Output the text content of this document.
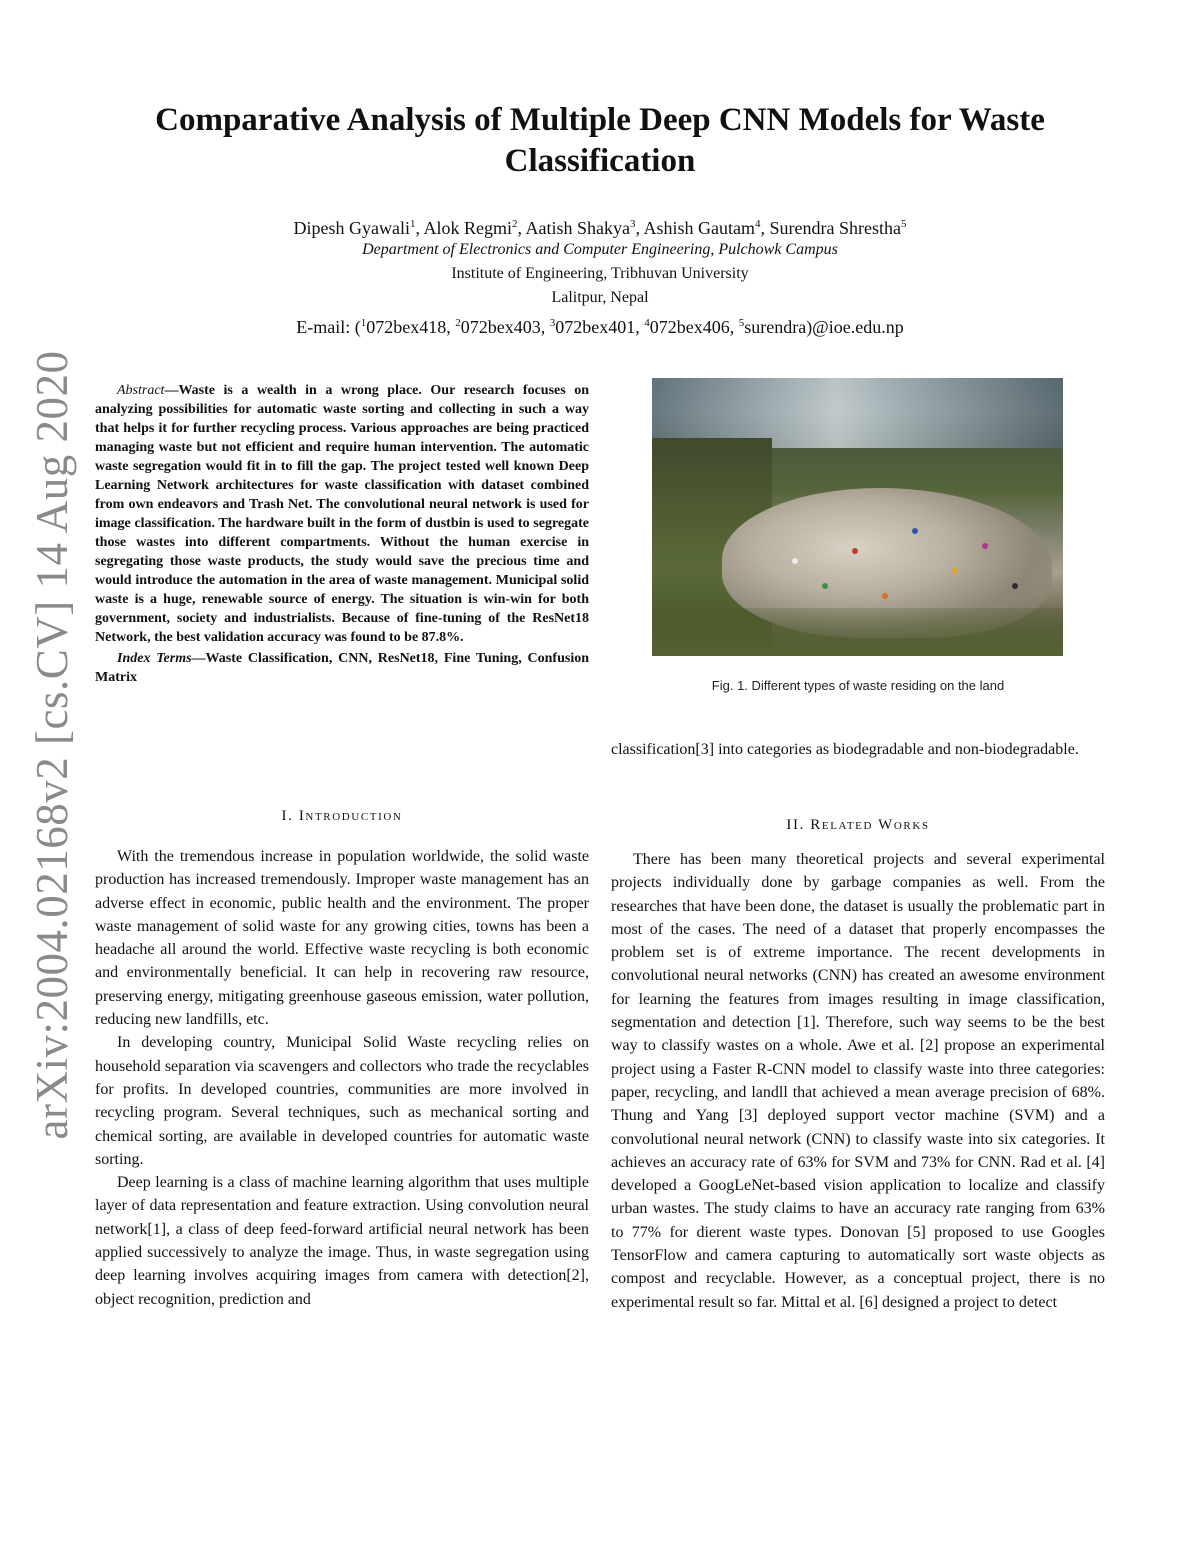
arXiv:2004.02168v2 [cs.CV] 14 Aug 2020
Comparative Analysis of Multiple Deep CNN Models for Waste
Classification
Dipesh Gyawali$^1$, Alok Regmi$^2$, Aatish Shakya$^3$, Ashish Gautam$^4$, Surendra Shrestha$^5$
Department of Electronics and Computer Engineering, Pulchowk Campus
Institute of Engineering, Tribhuvan University
Lalitpur, Nepal
E-mail: ($^1$072bex418, $^2$072bex403, $^3$072bex401, $^4$072bex406, $^5$surendra)@ioe.edu.np

Abstract—Waste is a wealth in a wrong place. Our research focuses on analyzing possibilities for automatic waste sorting and collecting in such a way that helps it for further recycling process. Various approaches are being practiced managing waste but not efficient and require human intervention. The automatic waste segregation would fit in to fill the gap. The project tested well known Deep Learning Network architectures for waste classification with dataset combined from own endeavors and Trash Net. The convolutional neural network is used for image classification. The hardware built in the form of dustbin is used to segregate those wastes into different compartments. Without the human exercise in segregating those waste products, the study would save the precious time and would introduce the automation in the area of waste management. Municipal solid waste is a huge, renewable source of energy. The situation is win-win for both government, society and industrialists. Because of fine-tuning of the ResNet18 Network, the best validation accuracy was found to be 87.8%.

Index Terms—Waste Classification, CNN, ResNet18, Fine Tuning, Confusion Matrix

I. Introduction

With the tremendous increase in population worldwide, the solid waste production has increased tremendously. Improper waste management has an adverse effect in economic, public health and the environment. The proper waste management of solid waste for any growing cities, towns has been a headache all around the world. Effective waste recycling is both economic and environmentally beneficial. It can help in recovering raw resource, preserving energy, mitigating greenhouse gaseous emission, water pollution, reducing new landfills, etc.

In developing country, Municipal Solid Waste recycling relies on household separation via scavengers and collectors who trade the recyclables for profits. In developed countries, communities are more involved in recycling program. Several techniques, such as mechanical sorting and chemical sorting, are available in developed countries for automatic waste sorting.

Deep learning is a class of machine learning algorithm that uses multiple layer of data representation and feature extraction. Using convolution neural network[1], a class of deep feed-forward artificial neural network has been applied successively to analyze the image. Thus, in waste segregation using deep learning involves acquiring images from camera with detection[2], object recognition, prediction and

Fig. 1. Different types of waste residing on the land

classification[3] into categories as biodegradable and non-biodegradable.

II. Related Works

There has been many theoretical projects and several experimental projects individually done by garbage companies as well. From the researches that have been done, the dataset is usually the problematic part in most of the cases. The need of a dataset that properly encompasses the problem set is of extreme importance. The recent developments in convolutional neural networks (CNN) has created an awesome environment for learning the features from images resulting in image classification, segmentation and detection [1]. Therefore, such way seems to be the best way to classify wastes on a whole. Awe et al. [2] propose an experimental project using a Faster R-CNN model to classify waste into three categories: paper, recycling, and landll that achieved a mean average precision of 68%. Thung and Yang [3] deployed support vector machine (SVM) and a convolutional neural network (CNN) to classify waste into six categories. It achieves an accuracy rate of 63% for SVM and 73% for CNN. Rad et al. [4] developed a GoogLeNet-based vision application to localize and classify urban wastes. The study claims to have an accuracy rate ranging from 63% to 77% for dierent waste types. Donovan [5] proposed to use Googles TensorFlow and camera capturing to automatically sort waste objects as compost and recyclable. However, as a conceptual project, there is no experimental result so far. Mittal et al. [6] designed a project to detect
